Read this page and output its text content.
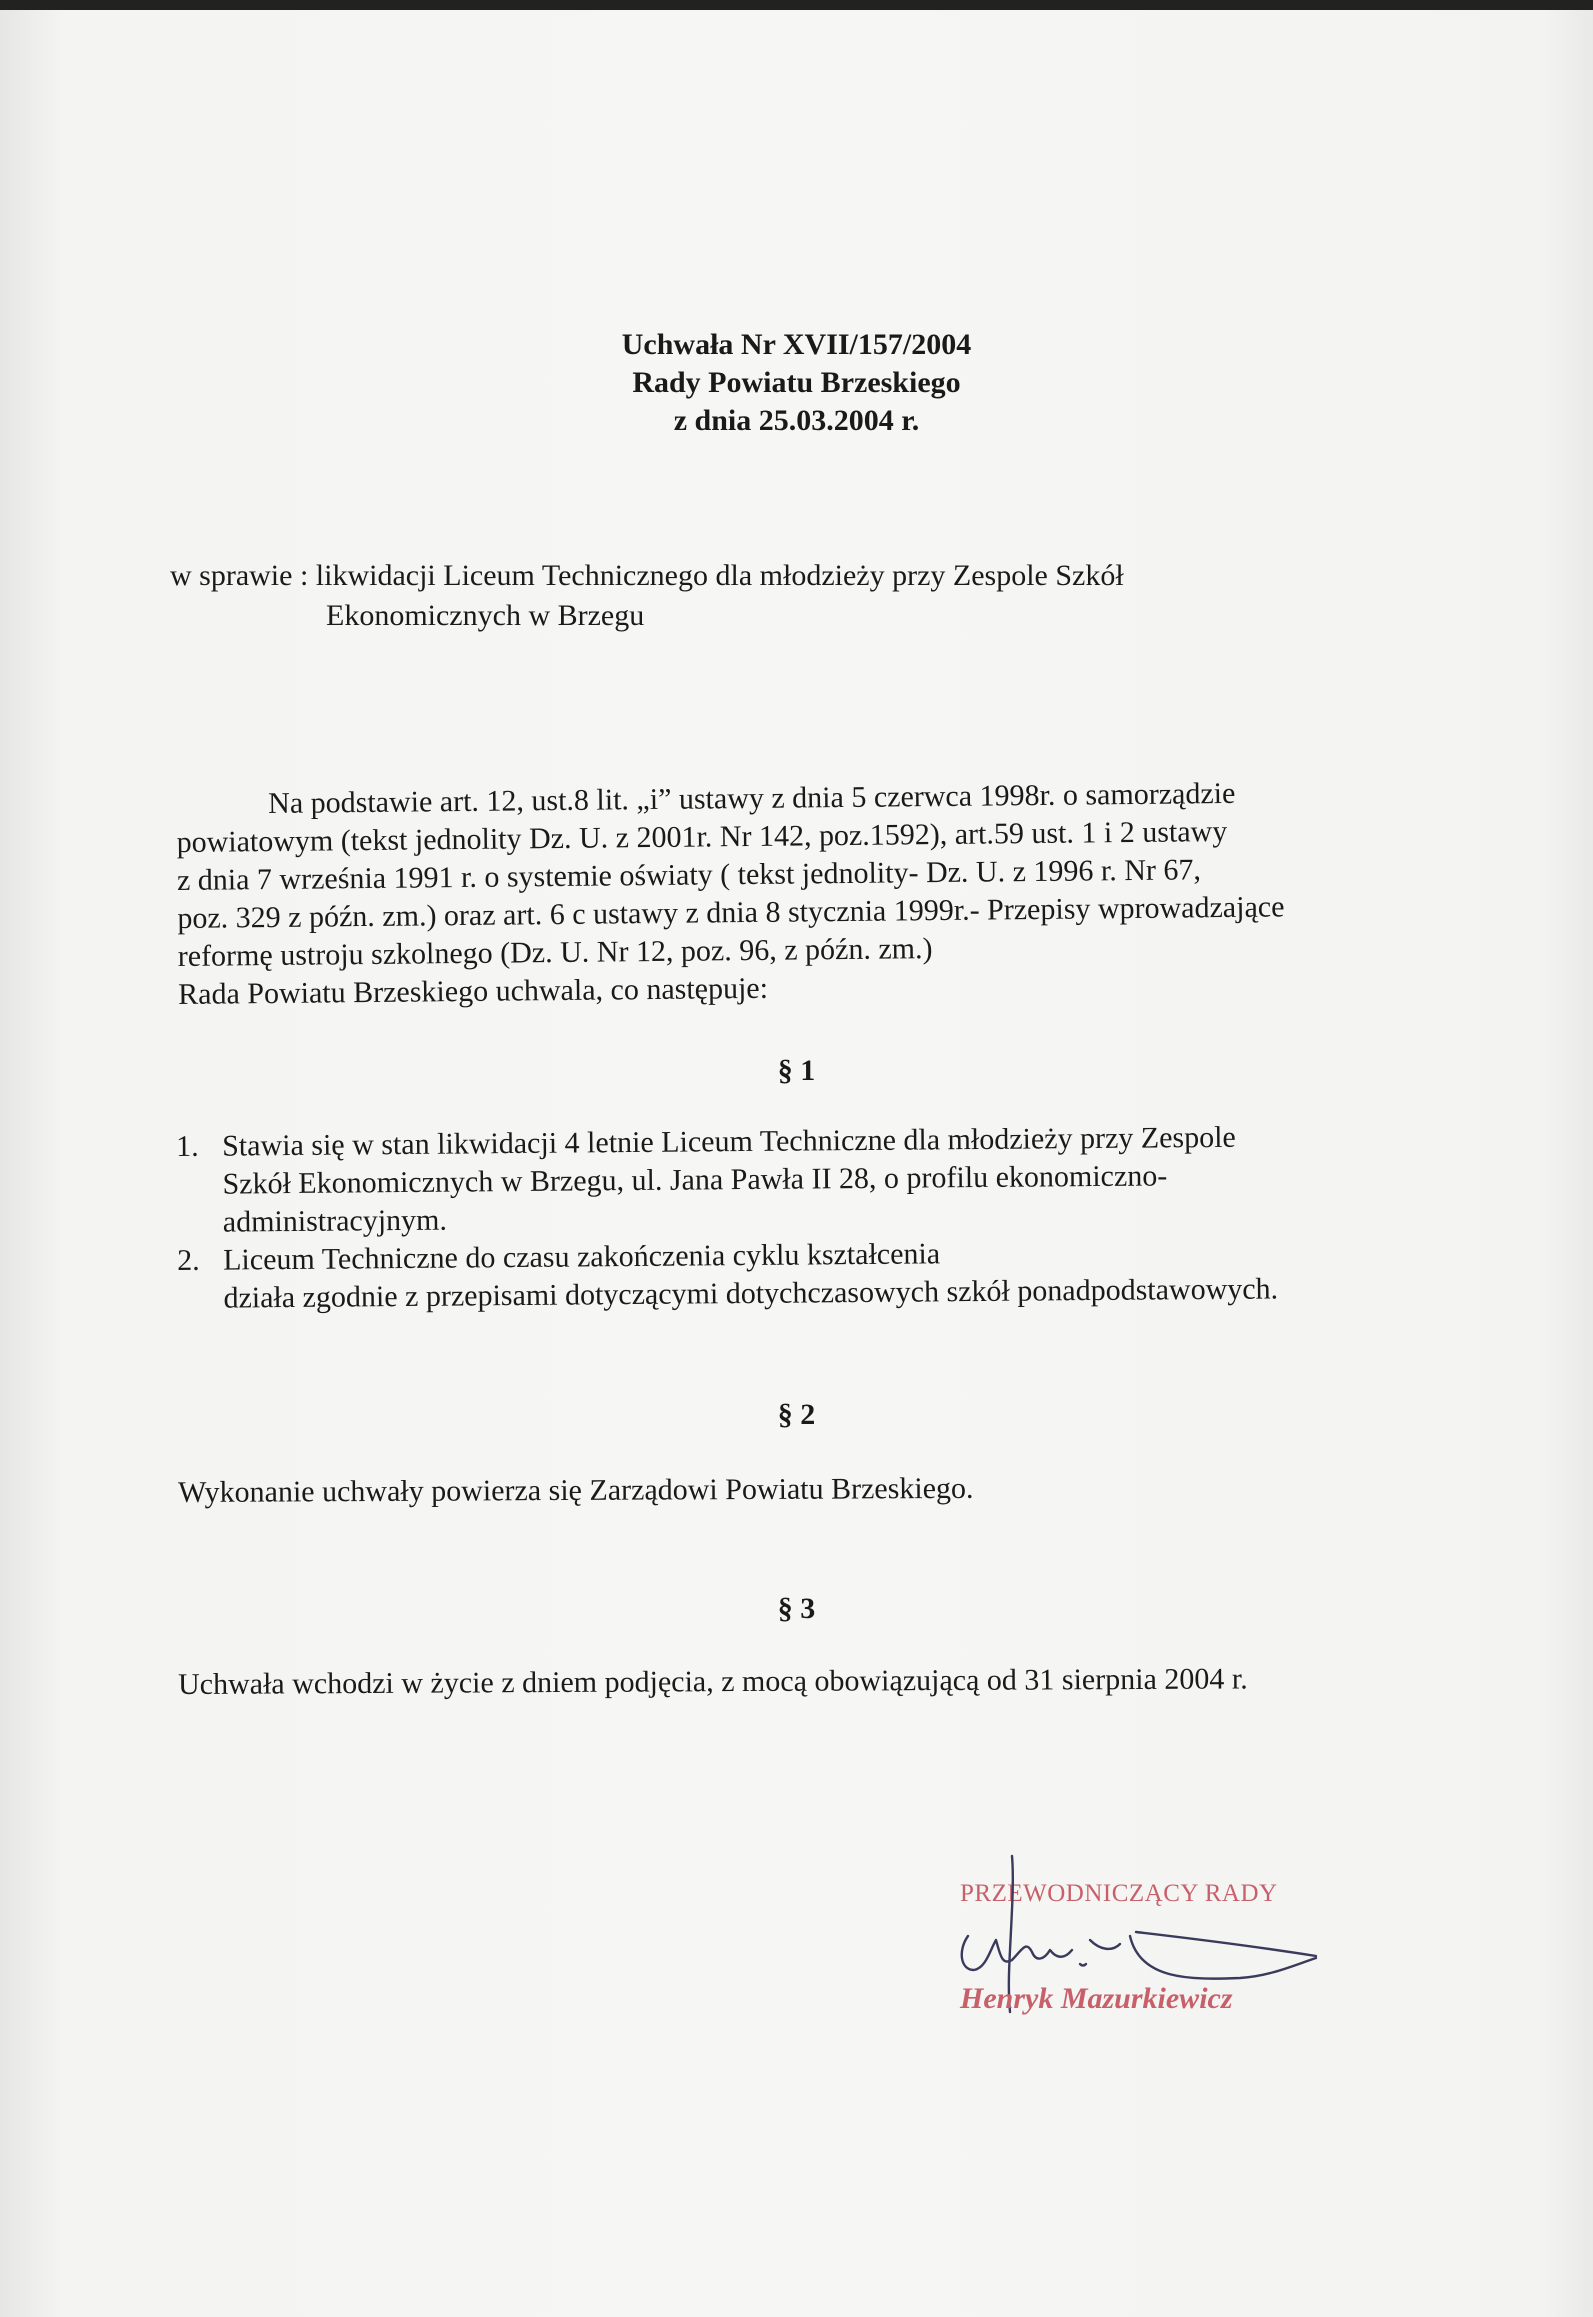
Uchwała Nr XVII/157/2004
Rady Powiatu Brzeskiego
z dnia 25.03.2004 r.
w sprawie : likwidacji Liceum Technicznego dla młodzieży przy Zespole Szkół
Ekonomicznych w Brzegu
Na podstawie art. 12, ust.8 lit. „i” ustawy z dnia 5 czerwca 1998r. o samorządzie
powiatowym (tekst jednolity Dz. U. z 2001r. Nr 142, poz.1592), art.59 ust. 1 i 2 ustawy
z dnia 7 września 1991 r. o systemie oświaty ( tekst jednolity- Dz. U. z 1996 r. Nr 67,
poz. 329 z późn. zm.) oraz art. 6 c ustawy z dnia 8 stycznia 1999r.- Przepisy wprowadzające
reformę ustroju szkolnego (Dz. U. Nr 12, poz. 96, z późn. zm.)
Rada Powiatu Brzeskiego uchwala, co następuje:
§ 1
1. Stawia się w stan likwidacji 4 letnie Liceum Techniczne dla młodzieży przy Zespole
Szkół Ekonomicznych w Brzegu, ul. Jana Pawła II 28, o profilu ekonomiczno-
administracyjnym.
2. Liceum Techniczne do czasu zakończenia cyklu kształcenia
działa zgodnie z przepisami dotyczącymi dotychczasowych szkół ponadpodstawowych.
§ 2
Wykonanie uchwały powierza się Zarządowi Powiatu Brzeskiego.
§ 3
Uchwała wchodzi w życie z dniem podjęcia, z mocą obowiązującą od 31 sierpnia 2004 r.
PRZEWODNICZĄCY RADY
Henryk Mazurkiewicz
